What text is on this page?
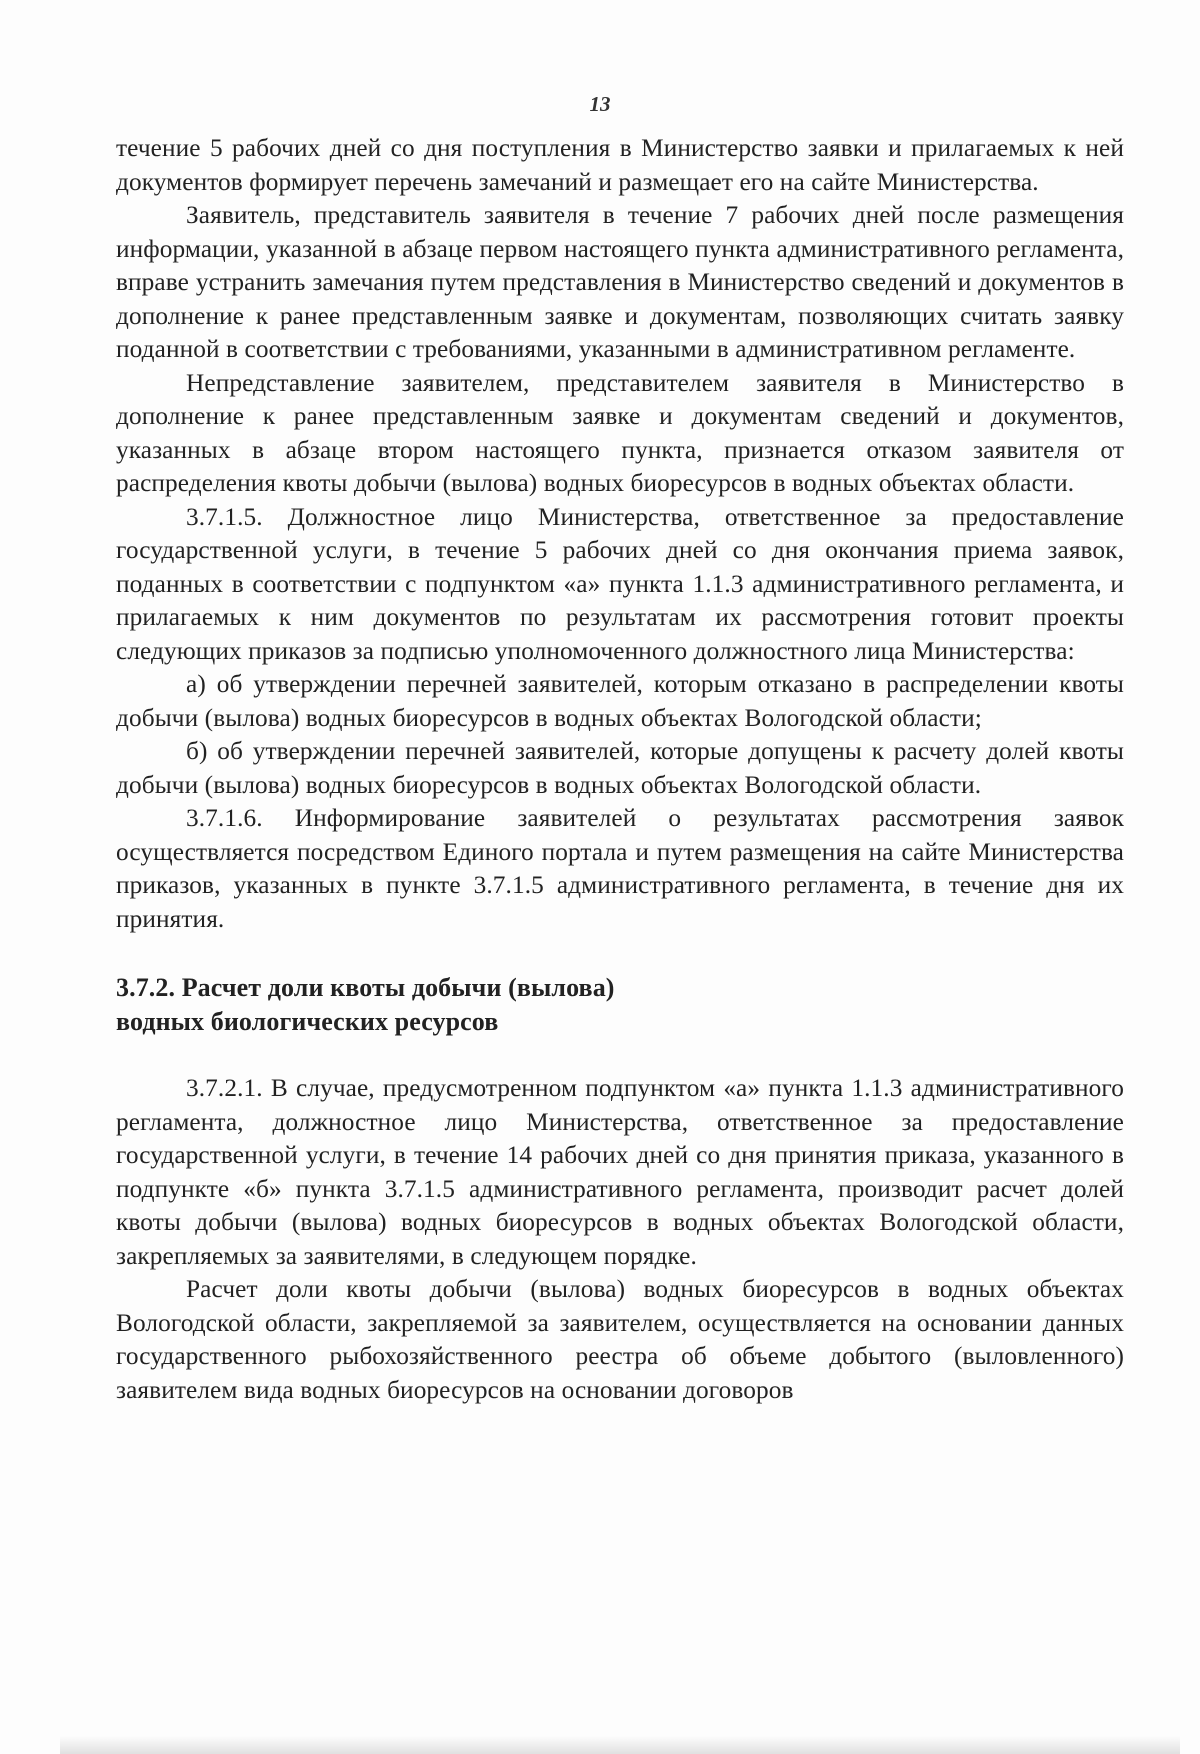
13

течение 5 рабочих дней со дня поступления в Министерство заявки и прилагаемых к ней документов формирует перечень замечаний и размещает его на сайте Министерства.

Заявитель, представитель заявителя в течение 7 рабочих дней после размещения информации, указанной в абзаце первом настоящего пункта административного регламента, вправе устранить замечания путем представления в Министерство сведений и документов в дополнение к ранее представленным заявке и документам, позволяющих считать заявку поданной в соответствии с требованиями, указанными в административном регламенте.

Непредставление заявителем, представителем заявителя в Министерство в дополнение к ранее представленным заявке и документам сведений и документов, указанных в абзаце втором настоящего пункта, признается отказом заявителя от распределения квоты добычи (вылова) водных биоресурсов в водных объектах области.

3.7.1.5. Должностное лицо Министерства, ответственное за предоставление государственной услуги, в течение 5 рабочих дней со дня окончания приема заявок, поданных в соответствии с подпунктом «а» пункта 1.1.3 административного регламента, и прилагаемых к ним документов по результатам их рассмотрения готовит проекты следующих приказов за подписью уполномоченного должностного лица Министерства:

а) об утверждении перечней заявителей, которым отказано в распределении квоты добычи (вылова) водных биоресурсов в водных объектах Вологодской области;

б) об утверждении перечней заявителей, которые допущены к расчету долей квоты добычи (вылова) водных биоресурсов в водных объектах Вологодской области.

3.7.1.6. Информирование заявителей о результатах рассмотрения заявок осуществляется посредством Единого портала и путем размещения на сайте Министерства приказов, указанных в пункте 3.7.1.5 административного регламента, в течение дня их принятия.

3.7.2. Расчет доли квоты добычи (вылова)

водных биологических ресурсов

3.7.2.1. В случае, предусмотренном подпунктом «а» пункта 1.1.3 административного регламента, должностное лицо Министерства, ответственное за предоставление государственной услуги, в течение 14 рабочих дней со дня принятия приказа, указанного в подпункте «б» пункта 3.7.1.5 административного регламента, производит расчет долей квоты добычи (вылова) водных биоресурсов в водных объектах Вологодской области, закрепляемых за заявителями, в следующем порядке.

Расчет доли квоты добычи (вылова) водных биоресурсов в водных объектах Вологодской области, закрепляемой за заявителем, осуществляется на основании данных государственного рыбохозяйственного реестра об объеме добытого (выловленного) заявителем вида водных биоресурсов на основании договоров
